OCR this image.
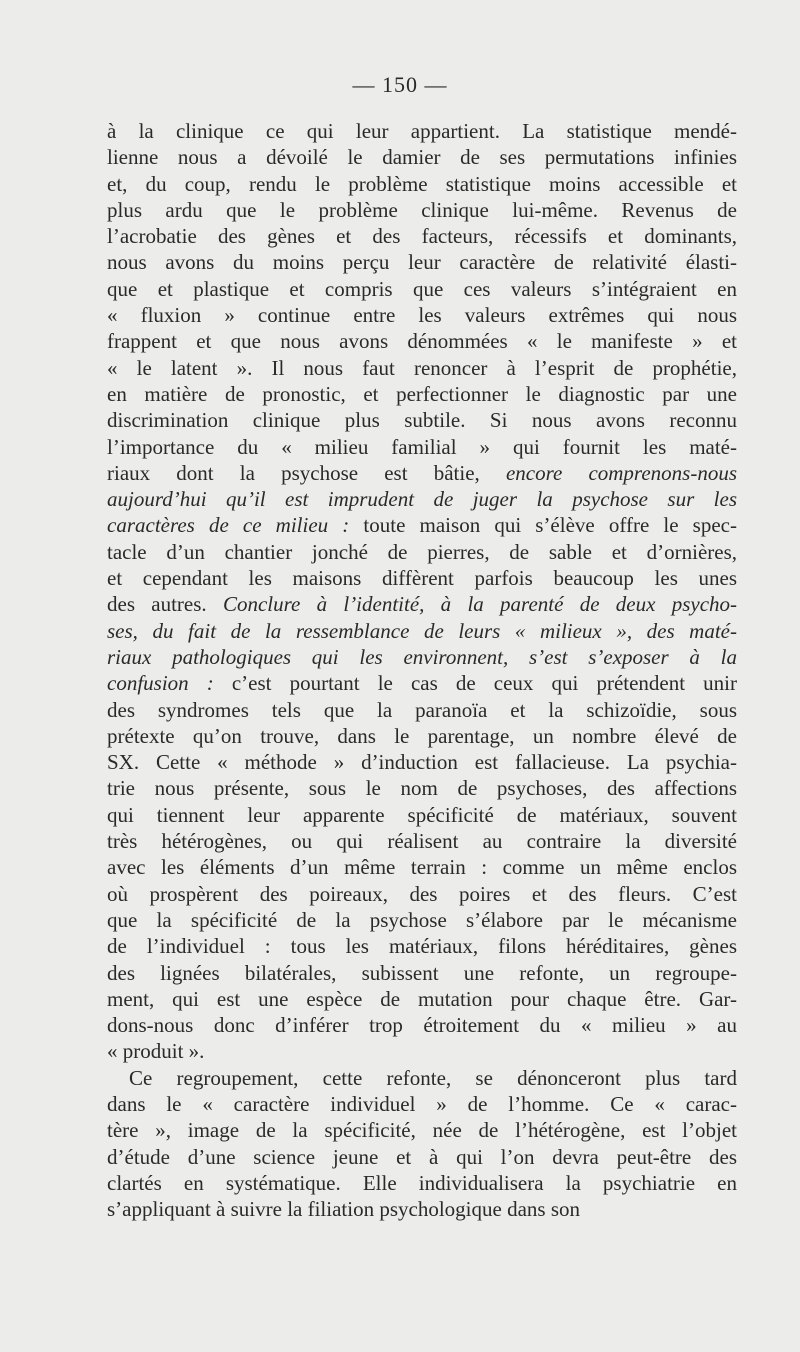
— 150 —
à la clinique ce qui leur appartient. La statistique mendé-
lienne nous a dévoilé le damier de ses permutations infinies
et, du coup, rendu le problème statistique moins accessible et
plus ardu que le problème clinique lui-même. Revenus de
l’acrobatie des gènes et des facteurs, récessifs et dominants,
nous avons du moins perçu leur caractère de relativité élasti-
que et plastique et compris que ces valeurs s’intégraient en
« fluxion » continue entre les valeurs extrêmes qui nous
frappent et que nous avons dénommées « le manifeste » et
« le latent ». Il nous faut renoncer à l’esprit de prophétie,
en matière de pronostic, et perfectionner le diagnostic par une
discrimination clinique plus subtile. Si nous avons reconnu
l’importance du « milieu familial » qui fournit les maté-
riaux dont la psychose est bâtie, encore comprenons-nous
aujourd’hui qu’il est imprudent de juger la psychose sur les
caractères de ce milieu : toute maison qui s’élève offre le spec-
tacle d’un chantier jonché de pierres, de sable et d’ornières,
et cependant les maisons diffèrent parfois beaucoup les unes
des autres. Conclure à l’identité, à la parenté de deux psycho-
ses, du fait de la ressemblance de leurs « milieux », des maté-
riaux pathologiques qui les environnent, s’est s’exposer à la
confusion : c’est pourtant le cas de ceux qui prétendent unir
des syndromes tels que la paranoïa et la schizoïdie, sous
prétexte qu’on trouve, dans le parentage, un nombre élevé de
SX. Cette « méthode » d’induction est fallacieuse. La psychia-
trie nous présente, sous le nom de psychoses, des affections
qui tiennent leur apparente spécificité de matériaux, souvent
très hétérogènes, ou qui réalisent au contraire la diversité
avec les éléments d’un même terrain : comme un même enclos
où prospèrent des poireaux, des poires et des fleurs. C’est
que la spécificité de la psychose s’élabore par le mécanisme
de l’individuel : tous les matériaux, filons héréditaires, gènes
des lignées bilatérales, subissent une refonte, un regroupe-
ment, qui est une espèce de mutation pour chaque être. Gar-
dons-nous donc d’inférer trop étroitement du « milieu » au
« produit ».
Ce regroupement, cette refonte, se dénonceront plus tard
dans le « caractère individuel » de l’homme. Ce « carac-
tère », image de la spécificité, née de l’hétérogène, est l’objet
d’étude d’une science jeune et à qui l’on devra peut-être des
clartés en systématique. Elle individualisera la psychiatrie en
s’appliquant à suivre la filiation psychologique dans son
